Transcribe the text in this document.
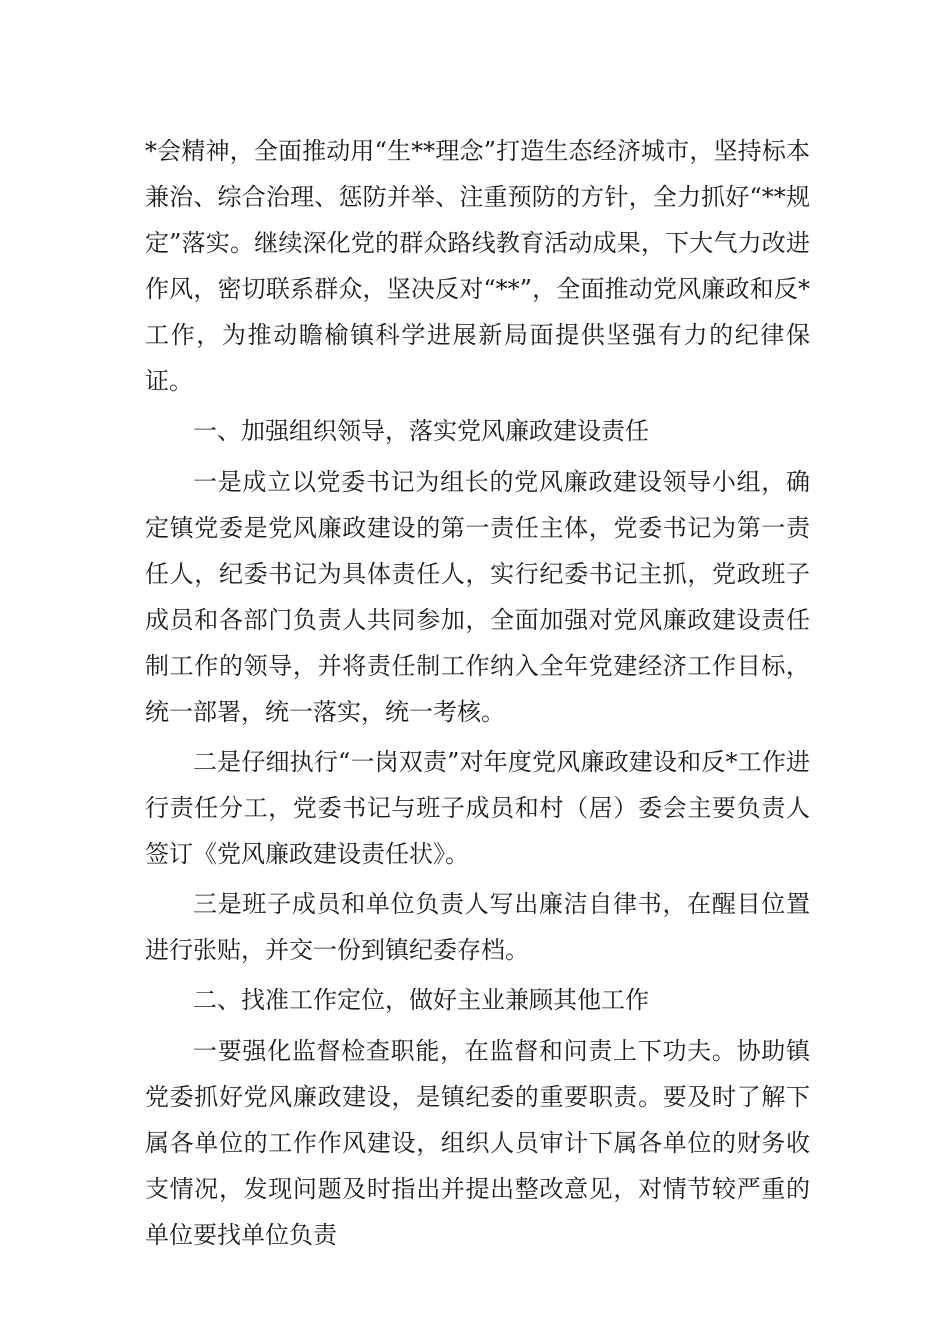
*会精神，全面推动用“生**理念”打造生态经济城市，坚持标本兼治、综合治理、惩防并举、注重预防的方针，全力抓好“**规定”落实。继续深化党的群众路线教育活动成果，下大气力改进作风，密切联系群众，坚决反对“**”，全面推动党风廉政和反*工作，为推动瞻榆镇科学进展新局面提供坚强有力的纪律保证。

一、加强组织领导，落实党风廉政建设责任

一是成立以党委书记为组长的党风廉政建设领导小组，确定镇党委是党风廉政建设的第一责任主体，党委书记为第一责任人，纪委书记为具体责任人，实行纪委书记主抓，党政班子成员和各部门负责人共同参加，全面加强对党风廉政建设责任制工作的领导，并将责任制工作纳入全年党建经济工作目标，统一部署，统一落实，统一考核。

二是仔细执行“一岗双责”对年度党风廉政建设和反*工作进行责任分工，党委书记与班子成员和村（居）委会主要负责人签订《党风廉政建设责任状》。

三是班子成员和单位负责人写出廉洁自律书，在醒目位置进行张贴，并交一份到镇纪委存档。

二、找准工作定位，做好主业兼顾其他工作

一要强化监督检查职能，在监督和问责上下功夫。协助镇党委抓好党风廉政建设，是镇纪委的重要职责。要及时了解下属各单位的工作作风建设，组织人员审计下属各单位的财务收支情况，发现问题及时指出并提出整改意见，对情节较严重的单位要找单位负责
